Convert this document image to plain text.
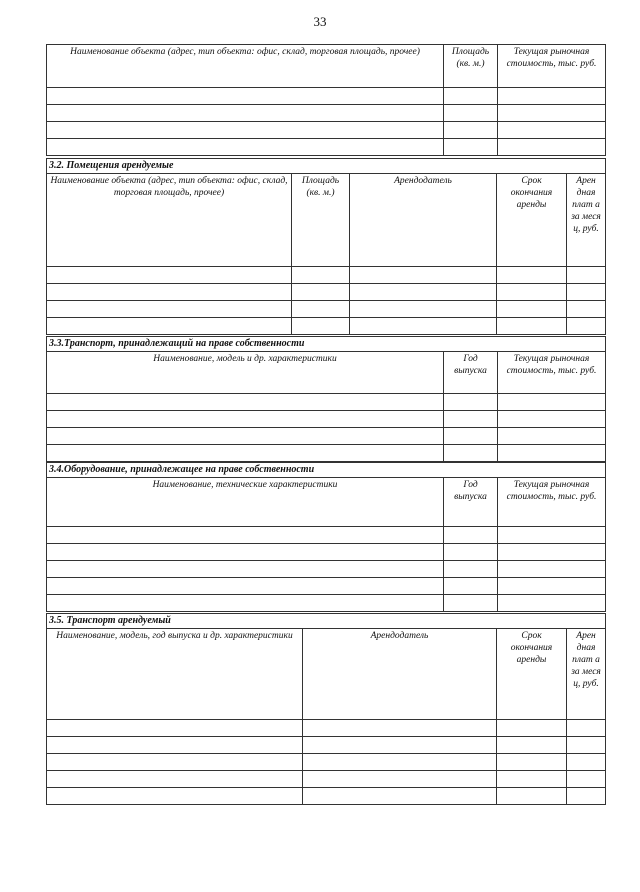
33
Наименование объекта (адрес, тип объекта: офис, склад, торговая площадь, прочее)	Площадь (кв. м.)	Текущая рыночная стоимость, тыс. руб.

3.2. Помещения арендуемые				
Наименование объекта (адрес, тип объекта: офис, склад, торговая площадь, прочее)	Площадь (кв. м.)	Арендодатель	Срок окончания аренды	Арен дная плат а за меся ц, руб.

3.3.Транспорт, принадлежащий на праве собственности		
Наименование, модель и др. характеристики	Год выпуска	Текущая рыночная стоимость, тыс. руб.

3.4.Оборудование, принадлежащее на праве собственности		
Наименование, технические характеристики	Год выпуска	Текущая рыночная стоимость, тыс. руб.

3.5. Транспорт арендуемый			
Наименование, модель, год выпуска и др. характеристики	Арендодатель	Срок окончания аренды	Арен дная плат а за меся ц, руб.
